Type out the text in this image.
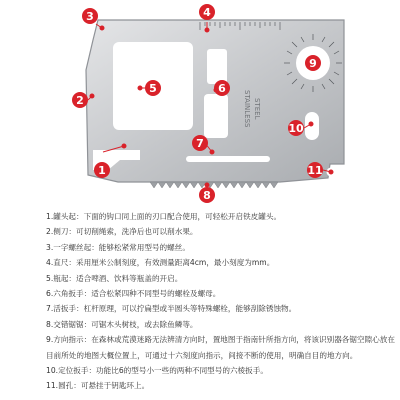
STAINLESS STEEL
1
2
3	4
5	6
7
8
9
10
11
1.罐头起：下面的钩口同上面的刃口配合使用，可轻松开启铁皮罐头。
2.侧刀：可切削绳索，洗净后也可以削水果。
3.一字螺丝起：能够松紧常用型号的螺丝。
4.直尺：采用厘米公制刻度，有效测量距离4cm，最小刻度为mm。
5.瓶起：适合啤酒、饮料等瓶盖的开启。
6.六角扳手：适合松紧四种不同型号的螺栓及螺母。
7.活扳手：杠杆原理，可以拧扁型或半圆头等特殊螺栓，能够刮除锈蚀物。
8.交错锯锯：可锯木头树枝，或去除鱼鳞等。
9.方向指示：在森林或荒漠迷路无法辨清方向时，置地图于指南针所指方向，将该识别器各锯空隙心放在目前所处的地图大概位置上，可通过十六刻度向指示，间接不断的使用，明确自目的地方向。
10.定位扳手：功能比6的型号小一些的两种不同型号的六棱扳手。
11.圆孔：可悬挂于钥匙环上。
